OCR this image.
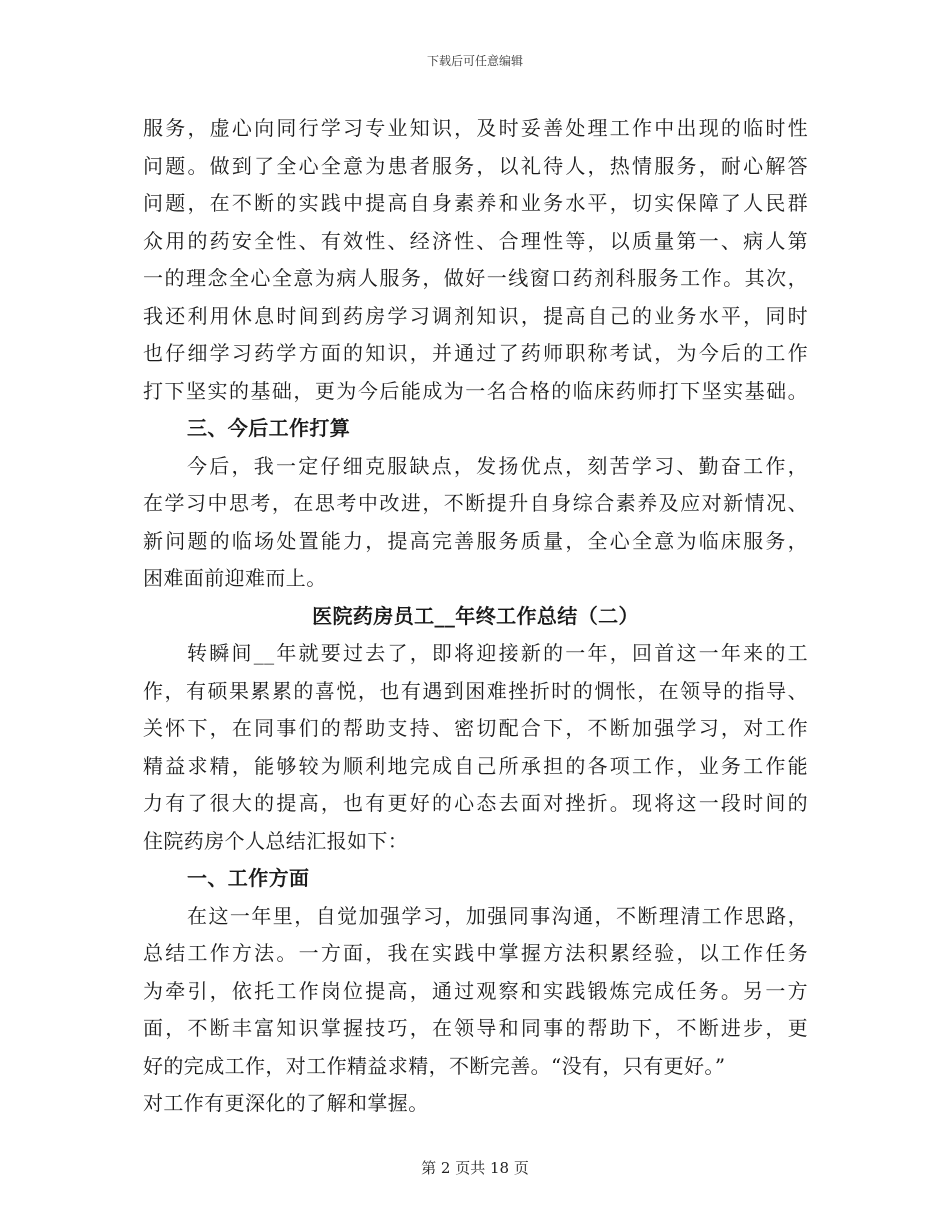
下载后可任意编辑
服务，虚心向同行学习专业知识，及时妥善处理工作中出现的临时性
问题。做到了全心全意为患者服务，以礼待人，热情服务，耐心解答
问题，在不断的实践中提高自身素养和业务水平，切实保障了人民群
众用的药安全性、有效性、经济性、合理性等，以质量第一、病人第
一的理念全心全意为病人服务，做好一线窗口药剂科服务工作。其次，
我还利用休息时间到药房学习调剂知识，提高自己的业务水平，同时
也仔细学习药学方面的知识，并通过了药师职称考试，为今后的工作
打下坚实的基础，更为今后能成为一名合格的临床药师打下坚实基础。
三、今后工作打算
今后，我一定仔细克服缺点，发扬优点，刻苦学习、勤奋工作，
在学习中思考，在思考中改进，不断提升自身综合素养及应对新情况、
新问题的临场处置能力，提高完善服务质量，全心全意为临床服务，
困难面前迎难而上。
医院药房员工__年终工作总结（二）
转瞬间__年就要过去了，即将迎接新的一年，回首这一年来的工
作，有硕果累累的喜悦，也有遇到困难挫折时的惆怅，在领导的指导、
关怀下，在同事们的帮助支持、密切配合下，不断加强学习，对工作
精益求精，能够较为顺利地完成自己所承担的各项工作，业务工作能
力有了很大的提高，也有更好的心态去面对挫折。现将这一段时间的
住院药房个人总结汇报如下：
一、工作方面
在这一年里，自觉加强学习，加强同事沟通，不断理清工作思路，
总结工作方法。一方面，我在实践中掌握方法积累经验，以工作任务
为牵引，依托工作岗位提高，通过观察和实践锻炼完成任务。另一方
面，不断丰富知识掌握技巧，在领导和同事的帮助下，不断进步，更
好的完成工作，对工作精益求精，不断完善。“没有，只有更好。”
对工作有更深化的了解和掌握。
第 2 页共 18 页
